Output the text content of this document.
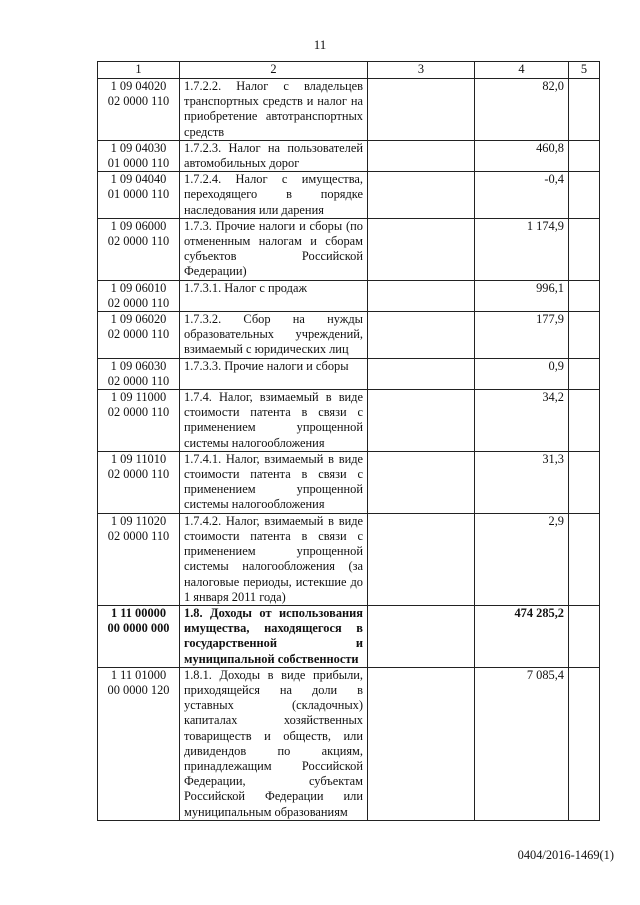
11
1	2	3	4	5
1 09 04020
02 0000 110	1.7.2.2. Налог с владельцев транспортных средств и налог на приобретение автотранспортных средств		82,0	
1 09 04030
01 0000 110	1.7.2.3. Налог на пользователей автомобильных дорог		460,8	
1 09 04040
01 0000 110	1.7.2.4. Налог с имущества, переходящего в порядке наследования или дарения		-0,4	
1 09 06000
02 0000 110	1.7.3. Прочие налоги и сборы (по отмененным налогам и сборам субъектов Российской Федерации)		1 174,9	
1 09 06010
02 0000 110	1.7.3.1. Налог с продаж		996,1	
1 09 06020
02 0000 110	1.7.3.2. Сбор на нужды образовательных учреждений, взимаемый с юридических лиц		177,9	
1 09 06030
02 0000 110	1.7.3.3. Прочие налоги и сборы		0,9	
1 09 11000
02 0000 110	1.7.4. Налог, взимаемый в виде стоимости патента в связи с применением упрощенной системы налогообложения		34,2	
1 09 11010
02 0000 110	1.7.4.1. Налог, взимаемый в виде стоимости патента в связи с применением упрощенной системы налогообложения		31,3	
1 09 11020
02 0000 110	1.7.4.2. Налог, взимаемый в виде стоимости патента в связи с применением упрощенной системы налогообложения (за налоговые периоды, истекшие до 1 января 2011 года)		2,9	
1 11 00000
00 0000 000	1.8. Доходы от использования имущества, находящегося в государственной и муниципальной собственности		474 285,2	
1 11 01000
00 0000 120	1.8.1. Доходы в виде прибыли, приходящейся на доли в уставных (складочных) капиталах хозяйственных товариществ и обществ, или дивидендов по акциям, принадлежащим Российской Федерации, субъектам Российской Федерации или муниципальным образованиям		7 085,4	
0404/2016-1469(1)
